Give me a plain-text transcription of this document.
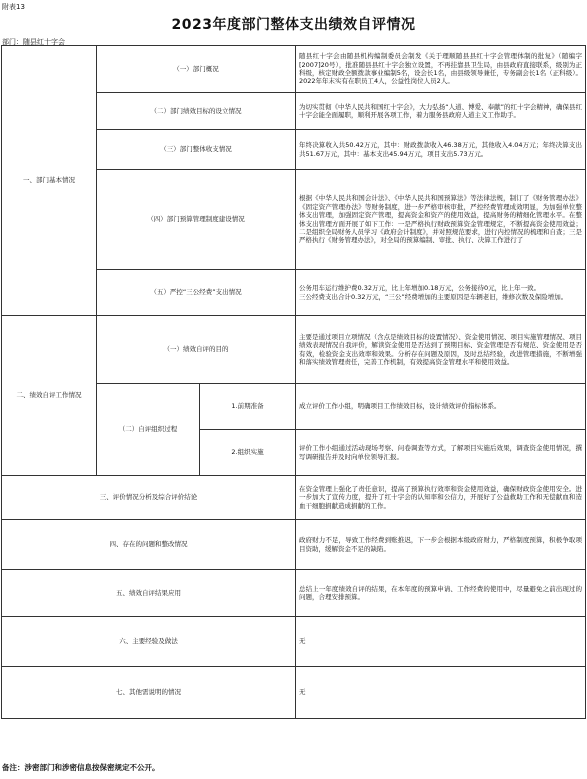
附表13
2023年度部门整体支出绩效自评情况
部门：随县红十字会
一、部门基本情况	（一）部门概况		随县红十字会由随县机构编制委员会制发《关于理顺随县县红十字会管理体制的批复》（随编字[2007]20号），批准随县县红十字会独立设置，不再挂靠县卫生局，由县政府直接联系，级别为正科级，核定财政全额拨款事业编制5名，设会长1名，由县级领导兼任，专务副会长1名（正科级）。2022年年末实有在职员工4人，公益性岗位人员2人。
	（二）部门绩效目标的设立情况		为切实贯彻《中华人民共和国红十字会》，大力弘扬“人道、博爱、奉献”的红十字会精神，确保县红十字会能全面履职，顺利开展各项工作，着力服务县政府人道主义工作助手。
	（三）部门整体收支情况		年终决算收入共50.42万元，其中：财政拨款收入46.38万元，其他收入4.04万元；年终决算支出共51.67万元，其中：基本支出45.94万元，项目支出5.73万元。
	（四）部门预算管理制度建设情况		根据《中华人民共和国会计法》、《中华人民共和国预算法》等法律法规，制订了《财务管理办法》《固定资产管理办法》等财务制度，进一步严格审核审批，严控经费管理成效明显，为加强单位整体支出管理，加强固定资产管理，提高资金和资产的使用效益，提高财务的精细化管理水平。在整体支出管理方面开展了如下工作：一是严格执行财政预算资金管理规定，不断提高资金使用效益；二是组织全局财务人员学习《政府会计制度》，并对照规范要求，进行内控情况的梳理和自查；三是严格执行《财务管理办法》，对全局的预算编制、审批、执行、决算工作进行了
	（五）严控“三公经费”支出情况		公务用车运行维护费0.32万元，比上年增加0.18万元，公务接待0元，比上年一致。
三公经费支出合计0.32万元，“三公”经费增加的主要原因是车辆老旧，维修次数及保险增加。
二、绩效自评工作情况	（一）绩效自评的目的		主要是通过项目立项情况（含点是绩效目标的设置情况）、资金使用情况、项目实施管理情况、项目绩效表现情况自我评价，解读资金使用是否达到了预期目标、资金管理是否有规范、资金使用是否有效，检验资金支出效率和效果。分析存在问题及原因，及时总结经验，改进管理措施，不断增强和落实绩效管理责任，完善工作机制，有效提高资金管理水平和使用效益。
	（二）自评组织过程	1.前期准备	成立评价工作小组，明确项目工作绩效目标，设计绩效评价指标体系。
		2.组织实施	评价工作小组通过活动现场考察、问卷调查等方式，了解项目实施后效果，调查资金使用情况，撰写调研报告并及时向单位领导汇报。
三、评价情况分析及综合评价结论			在资金管理上强化了责任意识，提高了预算执行效率和资金使用效益，确保财政资金使用安全。进一步加大了宣传力度，提升了红十字会的认知率和公信力，开展好了公益救助工作和无偿献血和造血干细胞捐献造成捐献的工作。
四、存在的问题和整改情况			政府财力不足，导致工作经费到账推迟，下一步会根据本级政府财力，严格制度预算，积极争取项目资助，缓解资金不足的缺陷。
五、绩效自评结果应用			总结上一年度绩效自评的结果，在本年度的预算申请、工作经费的使用中，尽量避免之前出现过的问题，合理安排预算。
六、主要经验及做法			无
七、其他需说明的情况			无
备注：涉密部门和涉密信息按保密规定不公开。
